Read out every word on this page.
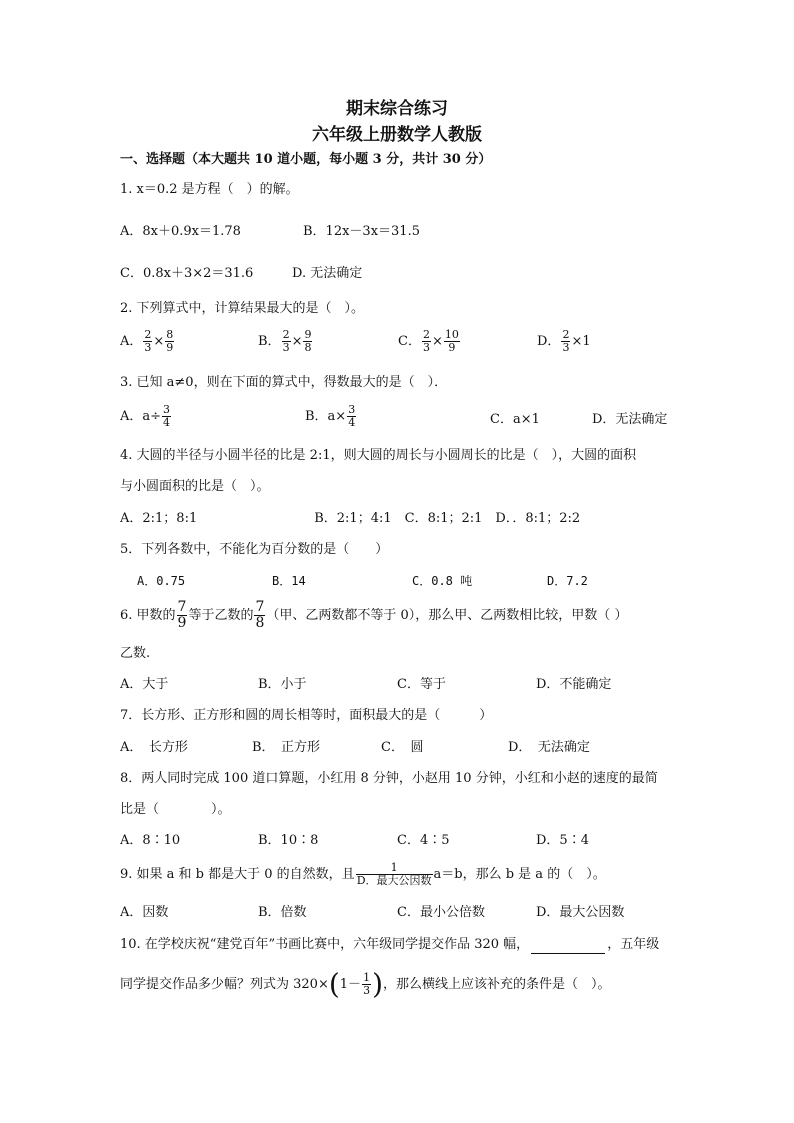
期末综合练习
六年级上册数学人教版
一、选择题（本大题共 10 道小题，每小题 3 分，共计 30 分）
1. x＝0.2 是方程（　）的解。
A．8x＋0.9x＝1.78	B．12x－3x＝31.5
C．0.8x＋3×2＝31.6	D. 无法确定
2. 下列算式中，计算结果最大的是（　）。
A． $\frac{2}{3} \times \frac{8}{9}$	B． $\frac{2}{3} \times \frac{9}{8}$	C． $\frac{2}{3} \times \frac{10}{9}$	D． $\frac{2}{3} \times 1$
3. 已知 a≠0，则在下面的算式中，得数最大的是（　）．
A．$a\div \frac{3}{4}$	B．$a\times \frac{3}{4}$	C．a×1	D．无法确定
4. 大圆的半径与小圆半径的比是 2:1，则大圆的周长与小圆周长的比是（　），大圆的面积
与小圆面积的比是（　）。
A．2:1；8:1　　　　　　　　　B．2:1；4:1　C．8:1；2:1　D．．8:1；2:2
5．下列各数中，不能化为百分数的是（　　）
A．0.75	B．14	C．0.8 吨	D．7.2
6. 甲数的 $\frac{7}{9}$ 等于乙数的 $\frac{7}{8}$ （甲、乙两数都不等于 0），那么甲、乙两数相比较，甲数（ ）
乙数.
A．大于	B．小于	C．等于	D．不能确定
7．长方形、正方形和圆的周长相等时，面积最大的是（　　　）
A．　长方形	B．　正方形	C．　圆	D．　无法确定
8．两人同时完成 100 道口算题，小红用 8 分钟，小赵用 10 分钟，小红和小赵的速度的最简
比是（　　　　）。
A．8∶10	B．10∶8	C．4∶5	D．5∶4
9. 如果 a 和 b 都是大于 0 的自然数，且 $\frac{1}{\text{D．最大公因数}} a=b$，那么 b 是 a 的（　）。
A．因数	B．倍数	C．最小公倍数	D．最大公因数
10. 在学校庆祝“建党百年”书画比赛中，六年级同学提交作品 320 幅，	，五年级
同学提交作品多少幅？列式为 $320\times(1- \frac{1}{3}$ )，那么横线上应该补充的条件是（　）。
